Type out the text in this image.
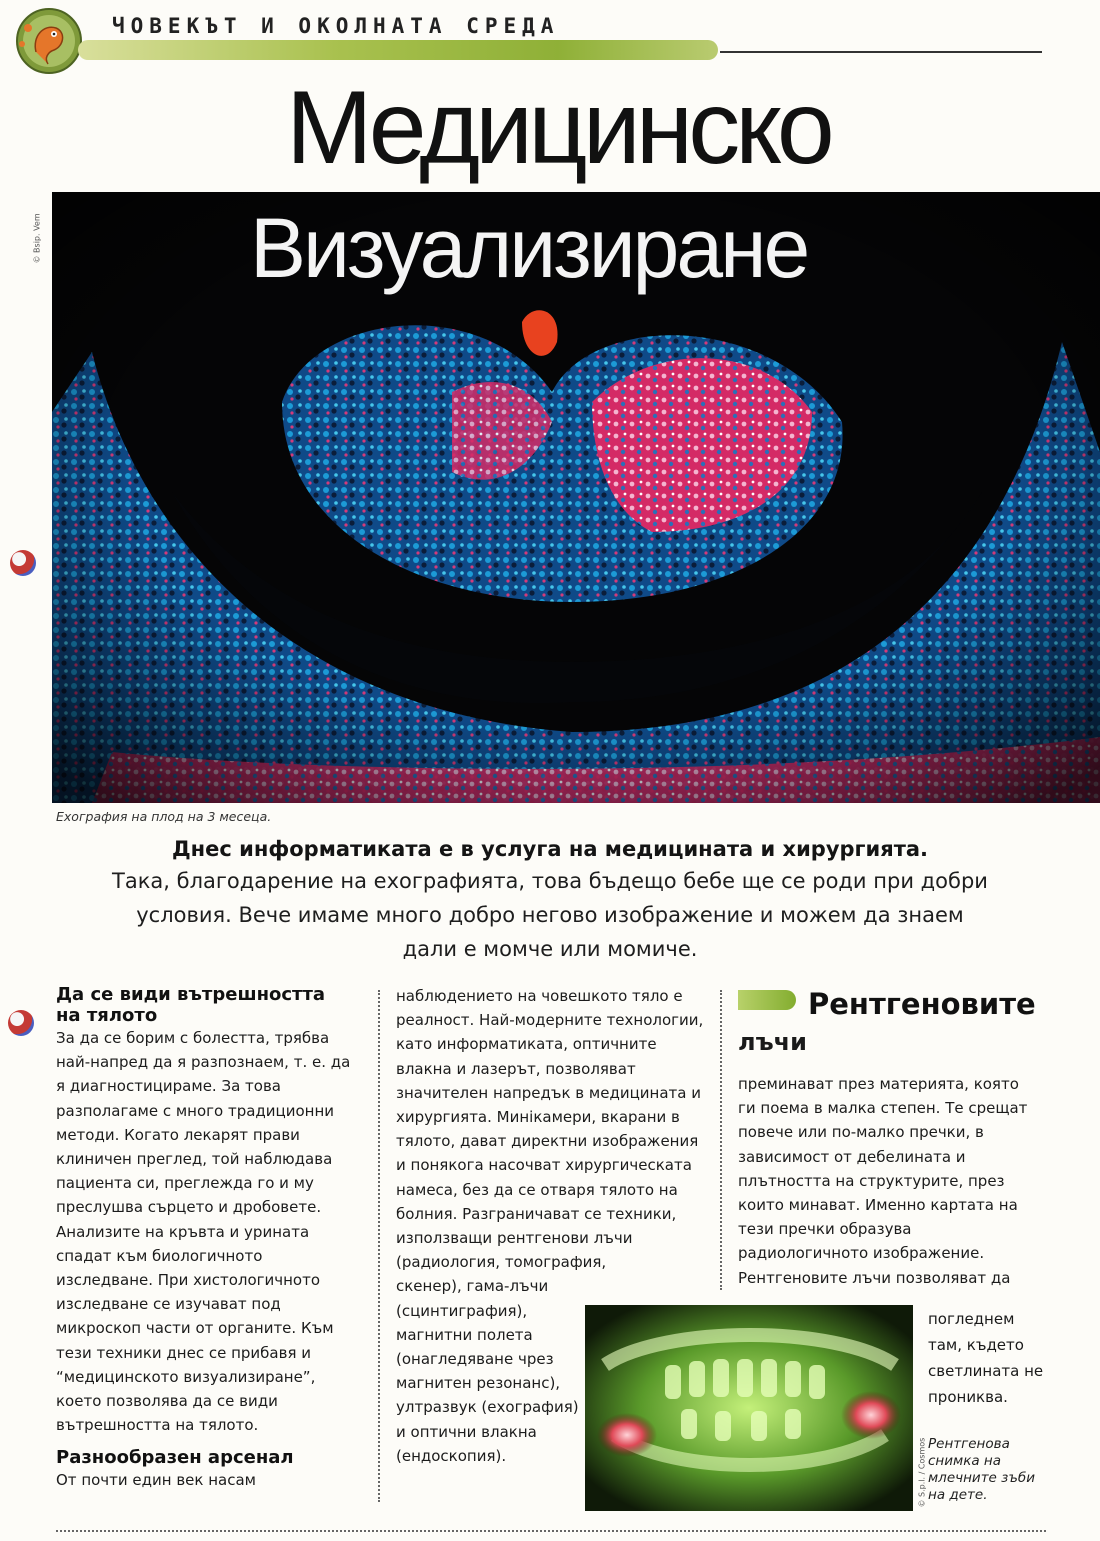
ЧОВЕКЪТ И ОКОЛНАТА СРЕДА
© Bsip. Vem
Медицинско
Визуализиране
Ехография на плод на 3 месеца.

Днес информатиката е в услуга на медицината и хирургията.

Така, благодарение на ехографията, това бъдещо бебе ще се роди при добри условия. Вече имаме много добро негово изображение и можем да знаем дали е момче или момиче.

Да се види вътрешността на тялото

За да се борим с болестта, трябва най-напред да я разпознаем, т. е. да я диагностицираме. За това разполагаме с много традиционни методи. Когато лекарят прави клиничен преглед, той наблюдава пациента си, преглежда го и му преслушва сърцето и дробовете. Анализите на кръвта и урината спадат към биологичното изследване. При хистологичното изследване се изучават под микроскоп части от органите. Към тези техники днес се прибавя и “медицинското визуализиране”, което позволява да се види вътрешността на тялото.

Разнообразен арсенал

От почти един век насам

наблюдението на човешкото тяло е реалност. Най-модерните технологии, като информатиката, оптичните влакна и лазерът, позволяват значителен напредък в медицината и хирургията. Минікамери, вкарани в тялото, дават директни изображения и понякога насочват хирургическата намеса, без да се отваря тялото на болния. Разграничават се техники, използващи рентгенови лъчи (радиология, томография,

скенер), гама-лъчи (сцинтиграфия), магнитни полета (онагледяване чрез магнитен резонанс), ултразвук (ехография) и оптични влакна (ендоскопия).

Рентгеновите
лъчи

преминават през материята, която ги поема в малка степен. Те срещат повече или по-малко пречки, в зависимост от дебелината и плътността на структурите, през които минават. Именно картата на тези пречки образува радиологичното изображение. Рентгеновите лъчи позволяват да

© S.p.l. / Cosmos

погледнем там, където светлината не прониква.

Рентгенова снимка на млечните зъби на дете.
